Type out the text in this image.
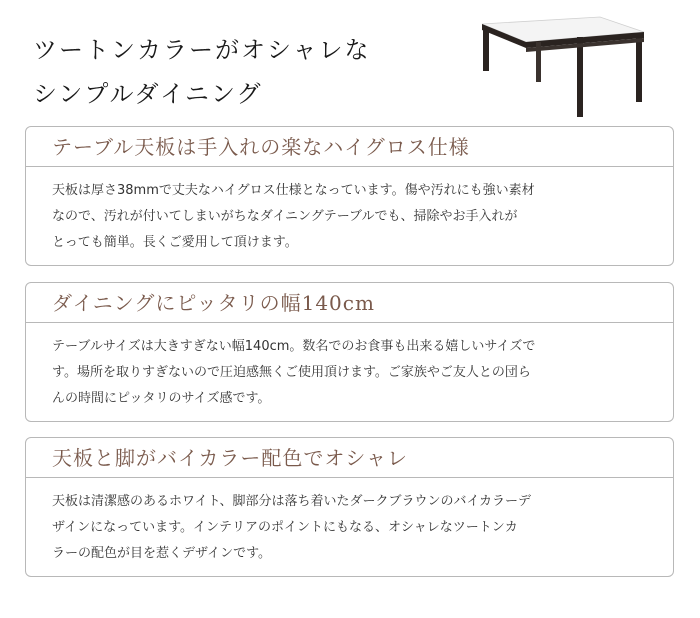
ツートンカラーがオシャレな
シンプルダイニング
テーブル天板は手入れの楽なハイグロス仕様
天板は厚さ38mmで丈夫なハイグロス仕様となっています。傷や汚れにも強い素材
なので、汚れが付いてしまいがちなダイニングテーブルでも、掃除やお手入れが
とっても簡単。長くご愛用して頂けます。
ダイニングにピッタリの幅140cm
テーブルサイズは大きすぎない幅140cm。数名でのお食事も出来る嬉しいサイズで
す。場所を取りすぎないので圧迫感無くご使用頂けます。ご家族やご友人との団ら
んの時間にピッタリのサイズ感です。
天板と脚がバイカラー配色でオシャレ
天板は清潔感のあるホワイト、脚部分は落ち着いたダークブラウンのバイカラーデ
ザインになっています。インテリアのポイントにもなる、オシャレなツートンカ
ラーの配色が目を惹くデザインです。
